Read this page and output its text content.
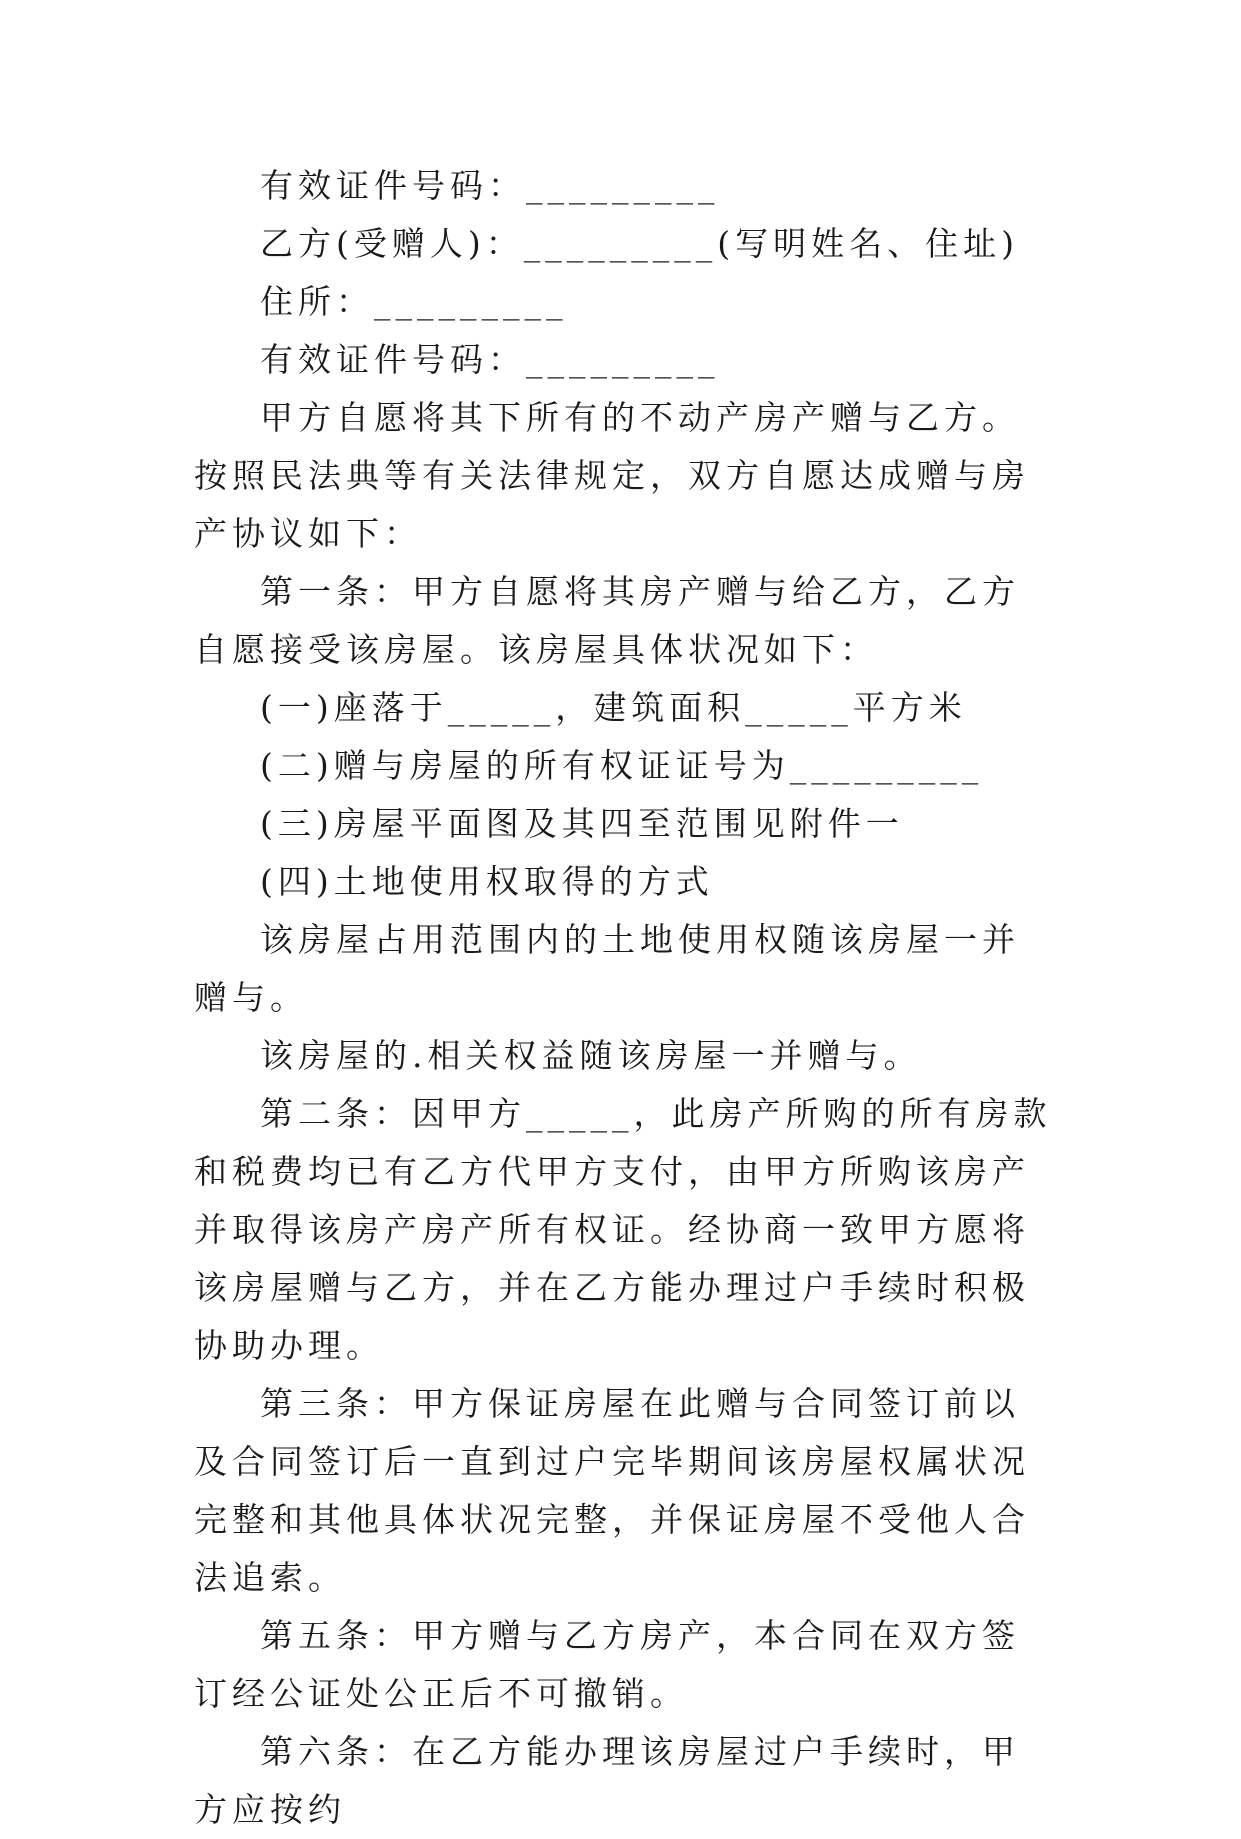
有效证件号码：_________

乙方(受赠人)：_________(写明姓名、住址)

住所：_________

有效证件号码：_________

甲方自愿将其下所有的不动产房产赠与乙方。按照民法典等有关法律规定，双方自愿达成赠与房产协议如下：

第一条：甲方自愿将其房产赠与给乙方，乙方自愿接受该房屋。该房屋具体状况如下：

(一)座落于_____，建筑面积_____平方米

(二)赠与房屋的所有权证证号为_________

(三)房屋平面图及其四至范围见附件一

(四)土地使用权取得的方式

该房屋占用范围内的土地使用权随该房屋一并赠与。

该房屋的.相关权益随该房屋一并赠与。

第二条：因甲方_____，此房产所购的所有房款和税费均已有乙方代甲方支付，由甲方所购该房产并取得该房产房产所有权证。经协商一致甲方愿将该房屋赠与乙方，并在乙方能办理过户手续时积极协助办理。

第三条：甲方保证房屋在此赠与合同签订前以及合同签订后一直到过户完毕期间该房屋权属状况完整和其他具体状况完整，并保证房屋不受他人合法追索。

第五条：甲方赠与乙方房产，本合同在双方签订经公证处公正后不可撤销。

第六条：在乙方能办理该房屋过户手续时，甲方应按约
